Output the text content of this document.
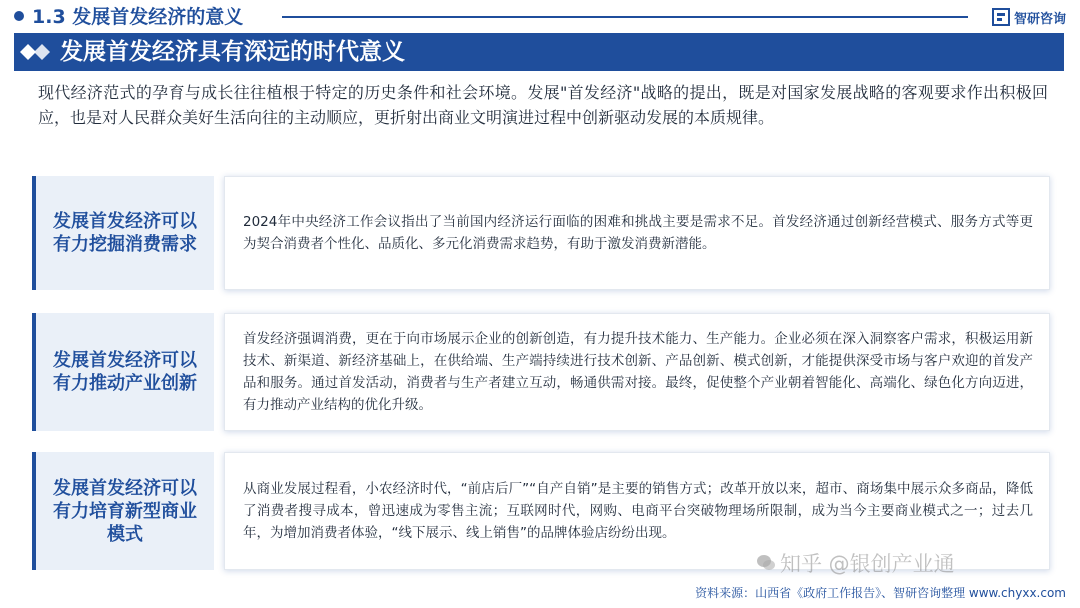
1.3 发展首发经济的意义	智研咨询
发展首发经济具有深远的时代意义

现代经济范式的孕育与成长往往植根于特定的历史条件和社会环境。发展"首发经济"战略的提出，既是对国家发展战略的客观要求作出积极回应，也是对人民群众美好生活向往的主动顺应，更折射出商业文明演进过程中创新驱动发展的本质规律。

发展首发经济可以有力挖掘消费需求

2024年中央经济工作会议指出了当前国内经济运行面临的困难和挑战主要是需求不足。首发经济通过创新经营模式、服务方式等更为契合消费者个性化、品质化、多元化消费需求趋势，有助于激发消费新潜能。

发展首发经济可以有力推动产业创新

首发经济强调消费，更在于向市场展示企业的创新创造，有力提升技术能力、生产能力。企业必须在深入洞察客户需求，积极运用新技术、新渠道、新经济基础上，在供给端、生产端持续进行技术创新、产品创新、模式创新，才能提供深受市场与客户欢迎的首发产品和服务。通过首发活动，消费者与生产者建立互动，畅通供需对接。最终，促使整个产业朝着智能化、高端化、绿色化方向迈进，有力推动产业结构的优化升级。

发展首发经济可以有力培育新型商业模式

从商业发展过程看，小农经济时代，“前店后厂”“自产自销”是主要的销售方式；改革开放以来，超市、商场集中展示众多商品，降低了消费者搜寻成本，曾迅速成为零售主流；互联网时代，网购、电商平台突破物理场所限制，成为当今主要商业模式之一；过去几年，为增加消费者体验，“线下展示、线上销售”的品牌体验店纷纷出现。

知乎 @银创产业通
资料来源：山西省《政府工作报告》、智研咨询整理 www.chyxx.com
